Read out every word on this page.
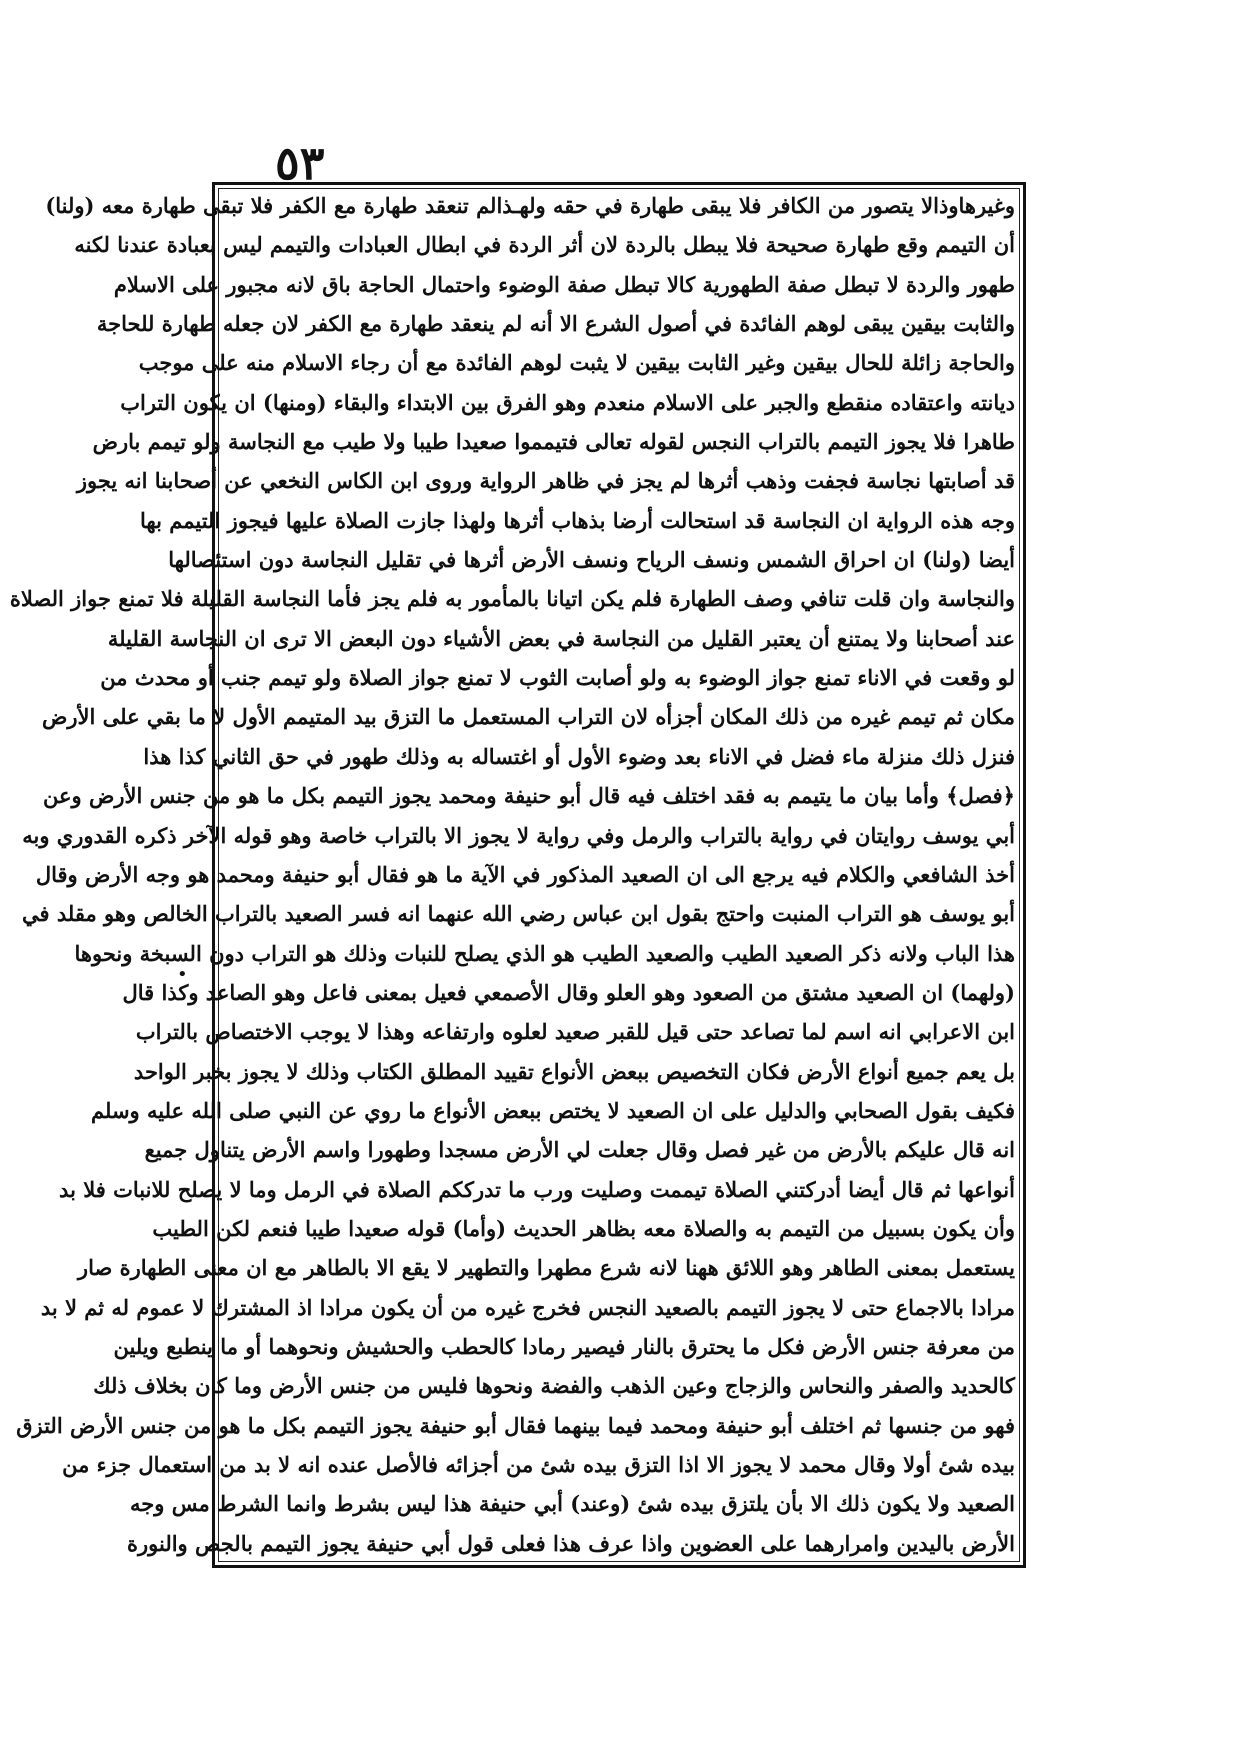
٥٣
•
وغيرهاوذالا يتصور من الكافر فلا يبقى طهارة في حقه ولهـذالم تنعقد طهارة مع الكفر فلا تبقى طهارة معه (ولنا)
أن التيمم وقع طهارة صحيحة فلا يبطل بالردة لان أثر الردة في ابطال العبادات والتيمم ليس بعبادة عندنا لكنه
طهور والردة لا تبطل صفة الطهورية كالا تبطل صفة الوضوء واحتمال الحاجة باق لانه مجبور على الاسلام
والثابت بيقين يبقى لوهم الفائدة في أصول الشرع الا أنه لم ينعقد طهارة مع الكفر لان جعله طهارة للحاجة
والحاجة زائلة للحال بيقين وغير الثابت بيقين لا يثبت لوهم الفائدة مع أن رجاء الاسلام منه على موجب
ديانته واعتقاده منقطع والجبر على الاسلام منعدم وهو الفرق بين الابتداء والبقاء (ومنها) ان يكون التراب
طاهرا فلا يجوز التيمم بالتراب النجس لقوله تعالى فتيمموا صعيدا طيبا ولا طيب مع النجاسة ولو تيمم بارض
قد أصابتها نجاسة فجفت وذهب أثرها لم يجز في ظاهر الرواية وروى ابن الكاس النخعي عن أصحابنا انه يجوز
وجه هذه الرواية ان النجاسة قد استحالت أرضا بذهاب أثرها ولهذا جازت الصلاة عليها فيجوز التيمم بها
أيضا (ولنا) ان احراق الشمس ونسف الرياح ونسف الأرض أثرها في تقليل النجاسة دون استئصالها
والنجاسة وان قلت تنافي وصف الطهارة فلم يكن اتيانا بالمأمور به فلم يجز فأما النجاسة القليلة فلا تمنع جواز الصلاة
عند أصحابنا ولا يمتنع أن يعتبر القليل من النجاسة في بعض الأشياء دون البعض الا ترى ان النجاسة القليلة
لو وقعت في الاناء تمنع جواز الوضوء به ولو أصابت الثوب لا تمنع جواز الصلاة ولو تيمم جنب أو محدث من
مكان ثم تيمم غيره من ذلك المكان أجزأه لان التراب المستعمل ما التزق بيد المتيمم الأول لا ما بقي على الأرض
فنزل ذلك منزلة ماء فضل في الاناء بعد وضوء الأول أو اغتساله به وذلك طهور في حق الثاني كذا هذا
﴿فصل﴾ وأما بيان ما يتيمم به فقد اختلف فيه قال أبو حنيفة ومحمد يجوز التيمم بكل ما هو من جنس الأرض وعن
أبي يوسف روايتان في رواية بالتراب والرمل وفي رواية لا يجوز الا بالتراب خاصة وهو قوله الآخر ذكره القدوري وبه
أخذ الشافعي والكلام فيه يرجع الى ان الصعيد المذكور في الآية ما هو فقال أبو حنيفة ومحمد هو وجه الأرض وقال
أبو يوسف هو التراب المنبت واحتج بقول ابن عباس رضي الله عنهما انه فسر الصعيد بالتراب الخالص وهو مقلد في
هذا الباب ولانه ذكر الصعيد الطيب والصعيد الطيب هو الذي يصلح للنبات وذلك هو التراب دون السبخة ونحوها
(ولهما) ان الصعيد مشتق من الصعود وهو العلو وقال الأصمعي فعيل بمعنى فاعل وهو الصاعد وكذا قال
ابن الاعرابي انه اسم لما تصاعد حتى قيل للقبر صعيد لعلوه وارتفاعه وهذا لا يوجب الاختصاص بالتراب
بل يعم جميع أنواع الأرض فكان التخصيص ببعض الأنواع تقييد المطلق الكتاب وذلك لا يجوز بخبر الواحد
فكيف بقول الصحابي والدليل على ان الصعيد لا يختص ببعض الأنواع ما روي عن النبي صلى الله عليه وسلم
انه قال عليكم بالأرض من غير فصل وقال جعلت لي الأرض مسجدا وطهورا واسم الأرض يتناول جميع
أنواعها ثم قال أيضا أدركتني الصلاة تيممت وصليت ورب ما تدرككم الصلاة في الرمل وما لا يصلح للانبات فلا بد
وأن يكون بسبيل من التيمم به والصلاة معه بظاهر الحديث (وأما) قوله صعيدا طيبا فنعم لكن الطيب
يستعمل بمعنى الطاهر وهو اللائق ههنا لانه شرع مطهرا والتطهير لا يقع الا بالطاهر مع ان معنى الطهارة صار
مرادا بالاجماع حتى لا يجوز التيمم بالصعيد النجس فخرج غيره من أن يكون مرادا اذ المشترك لا عموم له ثم لا بد
من معرفة جنس الأرض فكل ما يحترق بالنار فيصير رمادا كالحطب والحشيش ونحوهما أو ما ينطبع ويلين
كالحديد والصفر والنحاس والزجاج وعين الذهب والفضة ونحوها فليس من جنس الأرض وما كان بخلاف ذلك
فهو من جنسها ثم اختلف أبو حنيفة ومحمد فيما بينهما فقال أبو حنيفة يجوز التيمم بكل ما هو من جنس الأرض التزق
بيده شئ أولا وقال محمد لا يجوز الا اذا التزق بيده شئ من أجزائه فالأصل عنده انه لا بد من استعمال جزء من
الصعيد ولا يكون ذلك الا بأن يلتزق بيده شئ (وعند) أبي حنيفة هذا ليس بشرط وانما الشرط مس وجه
الأرض باليدين وامرارهما على العضوين واذا عرف هذا فعلى قول أبي حنيفة يجوز التيمم بالجص والنورة
